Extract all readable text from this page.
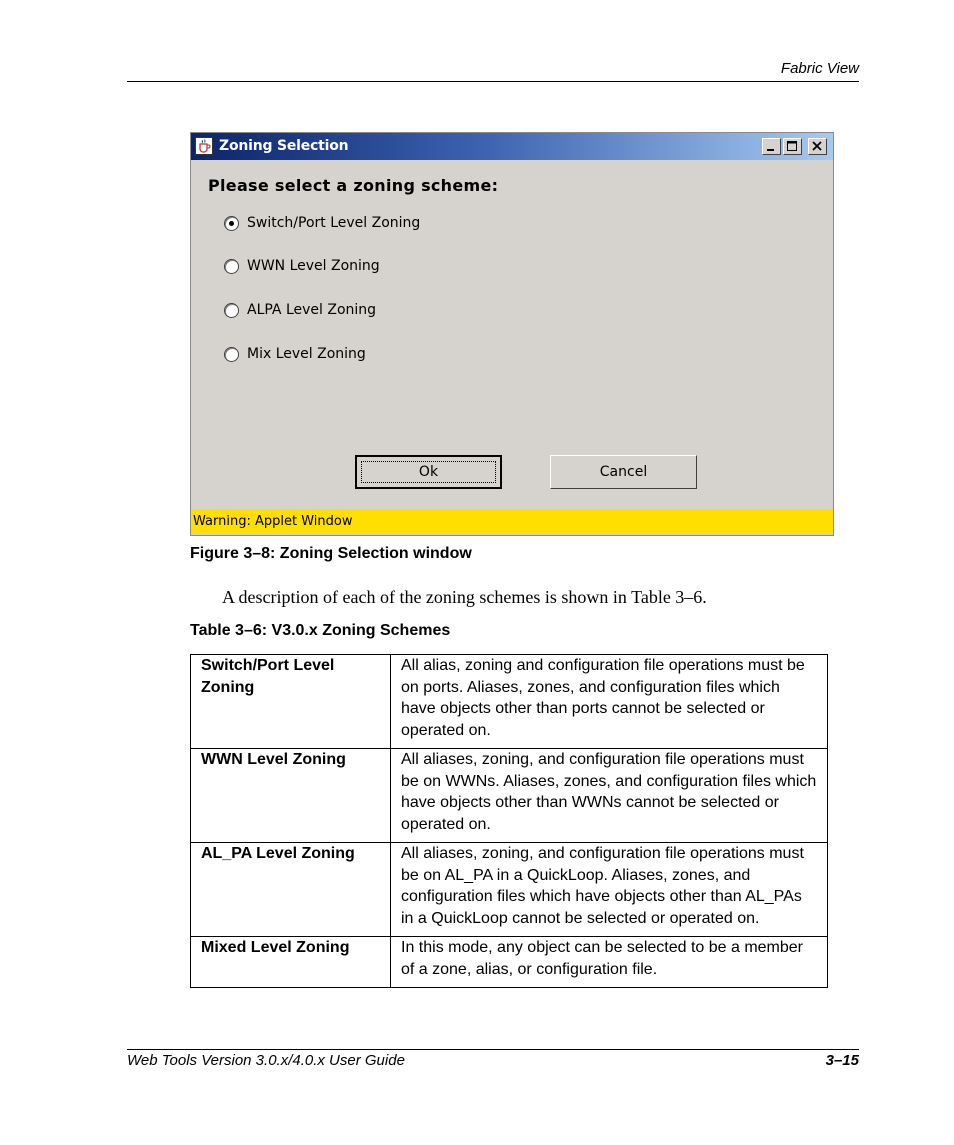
Fabric View
Zoning Selection
Please select a zoning scheme:
Switch/Port Level Zoning
WWN Level Zoning
ALPA Level Zoning
Mix Level Zoning
Ok	Cancel
Warning: Applet Window
Figure 3–8: Zoning Selection window
A description of each of the zoning schemes is shown in Table 3–6.
Table 3–6: V3.0.x Zoning Schemes
Switch/Port Level Zoning	All alias, zoning and configuration file operations must be on ports. Aliases, zones, and configuration files which have objects other than ports cannot be selected or operated on.
WWN Level Zoning	All aliases, zoning, and configuration file operations must be on WWNs. Aliases, zones, and configuration files which have objects other than WWNs cannot be selected or operated on.
AL_PA Level Zoning	All aliases, zoning, and configuration file operations must be on AL_PA in a QuickLoop. Aliases, zones, and configuration files which have objects other than AL_PAs in a QuickLoop cannot be selected or operated on.
Mixed Level Zoning	In this mode, any object can be selected to be a member of a zone, alias, or configuration file.
Web Tools Version 3.0.x/4.0.x User Guide	3–15
